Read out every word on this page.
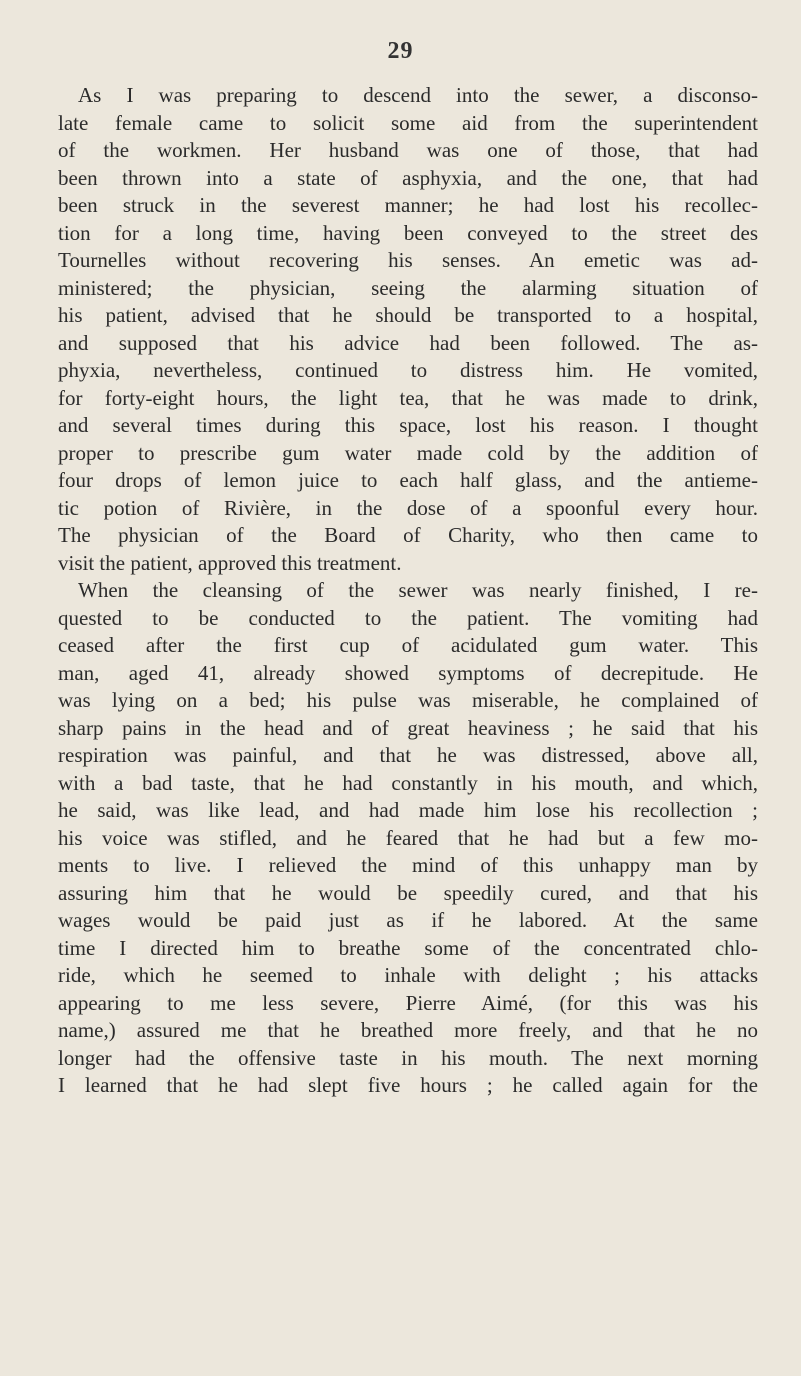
29
As I was preparing to descend into the sewer, a disconso-
late female came to solicit some aid from the superintendent
of the workmen. Her husband was one of those, that had
been thrown into a state of asphyxia, and the one, that had
been struck in the severest manner; he had lost his recollec-
tion for a long time, having been conveyed to the street des
Tournelles without recovering his senses. An emetic was ad-
ministered; the physician, seeing the alarming situation of
his patient, advised that he should be transported to a hospital,
and supposed that his advice had been followed. The as-
phyxia, nevertheless, continued to distress him. He vomited,
for forty-eight hours, the light tea, that he was made to drink,
and several times during this space, lost his reason. I thought
proper to prescribe gum water made cold by the addition of
four drops of lemon juice to each half glass, and the antieme-
tic potion of Rivière, in the dose of a spoonful every hour.
The physician of the Board of Charity, who then came to
visit the patient, approved this treatment.
When the cleansing of the sewer was nearly finished, I re-
quested to be conducted to the patient. The vomiting had
ceased after the first cup of acidulated gum water. This
man, aged 41, already showed symptoms of decrepitude. He
was lying on a bed; his pulse was miserable, he complained of
sharp pains in the head and of great heaviness ; he said that his
respiration was painful, and that he was distressed, above all,
with a bad taste, that he had constantly in his mouth, and which,
he said, was like lead, and had made him lose his recollection ;
his voice was stifled, and he feared that he had but a few mo-
ments to live. I relieved the mind of this unhappy man by
assuring him that he would be speedily cured, and that his
wages would be paid just as if he labored. At the same
time I directed him to breathe some of the concentrated chlo-
ride, which he seemed to inhale with delight ; his attacks
appearing to me less severe, Pierre Aimé, (for this was his
name,) assured me that he breathed more freely, and that he no
longer had the offensive taste in his mouth. The next morning
I learned that he had slept five hours ; he called again for the
